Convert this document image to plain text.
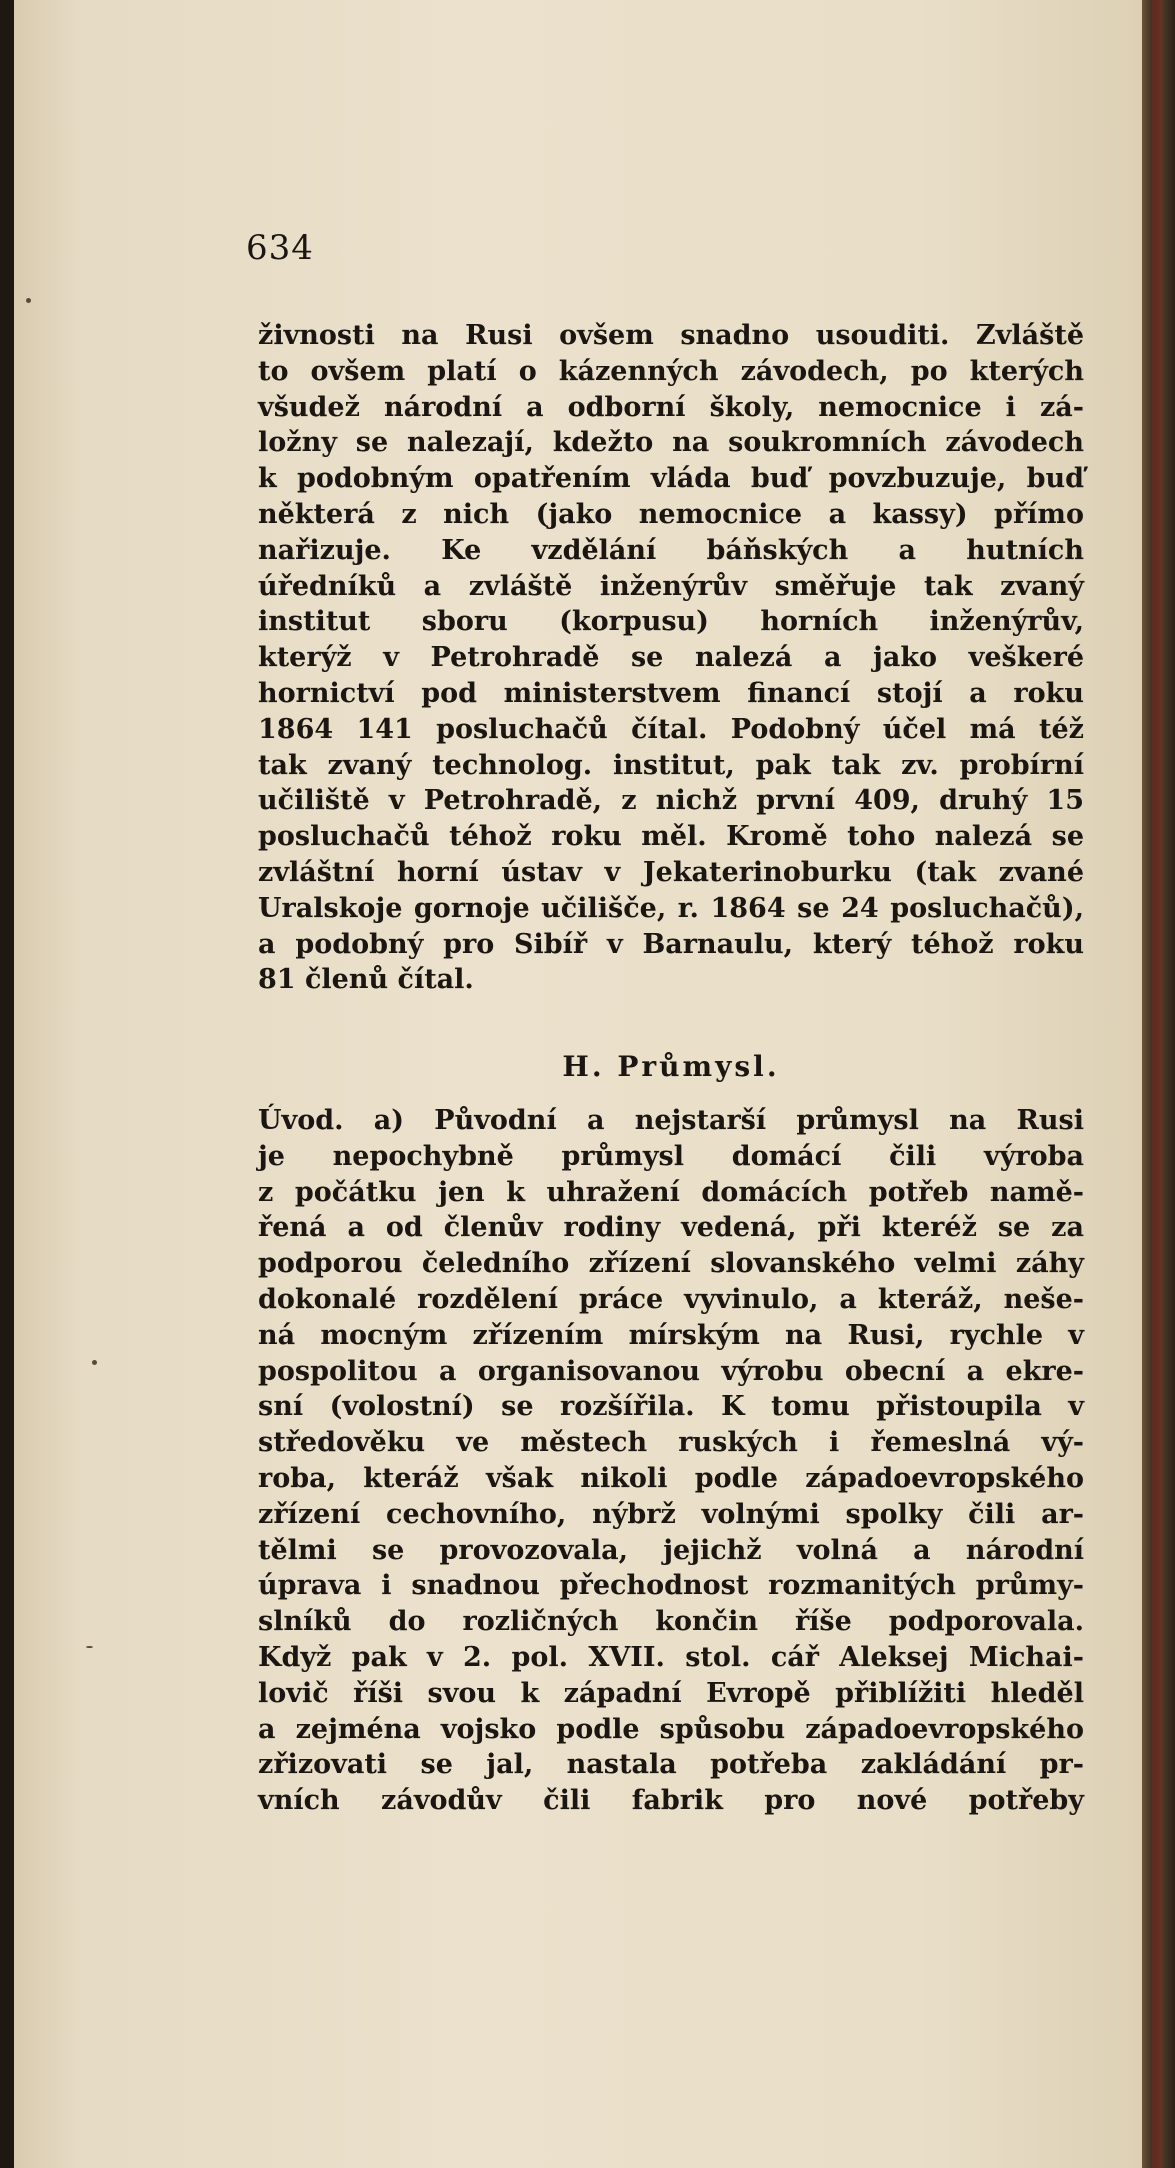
634
živnosti na Rusi ovšem snadno usouditi. Zvláště
to ovšem platí o kázenných závodech, po kterých
všudež národní a odborní školy, nemocnice i zá-
ložny se nalezají, kdežto na soukromních závodech
k podobným opatřením vláda buď povzbuzuje, buď
některá z nich (jako nemocnice a kassy) přímo
nařizuje. Ke vzdělání báňských a hutních
úředníků a zvláště inženýrův směřuje tak zvaný
institut sboru (korpusu) horních inženýrův,
kterýž v Petrohradě se nalezá a jako veškeré
hornictví pod ministerstvem financí stojí a roku
1864 141 posluchačů čítal. Podobný účel má též
tak zvaný technolog. institut, pak tak zv. probírní
učiliště v Petrohradě, z nichž první 409, druhý 15
posluchačů téhož roku měl. Kromě toho nalezá se
zvláštní horní ústav v Jekaterinoburku (tak zvané
Uralskoje gornoje učilišče, r. 1864 se 24 posluchačů),
a podobný pro Sibíř v Barnaulu, který téhož roku
81 členů čítal.
H. Průmysl.
Úvod. a) Původní a nejstarší průmysl na Rusi
je nepochybně průmysl domácí čili výroba
z počátku jen k uhražení domácích potřeb namě-
řená a od členův rodiny vedená, při kteréž se za
podporou čeledního zřízení slovanského velmi záhy
dokonalé rozdělení práce vyvinulo, a kteráž, neše-
ná mocným zřízením mírským na Rusi, rychle v
pospolitou a organisovanou výrobu obecní a ekre-
sní (volostní) se rozšířila. K tomu přistoupila v
středověku ve městech ruských i řemeslná vý-
roba, kteráž však nikoli podle západoevropského
zřízení cechovního, nýbrž volnými spolky čili ar-
tělmi se provozovala, jejichž volná a národní
úprava i snadnou přechodnost rozmanitých průmy-
slníků do rozličných končin říše podporovala.
Když pak v 2. pol. XVII. stol. cář Aleksej Michai-
lovič říši svou k západní Evropě přiblížiti hleděl
a zejména vojsko podle spůsobu západoevropského
zřizovati se jal, nastala potřeba zakládání pr-
vních závodův čili fabrik pro nové potřeby
